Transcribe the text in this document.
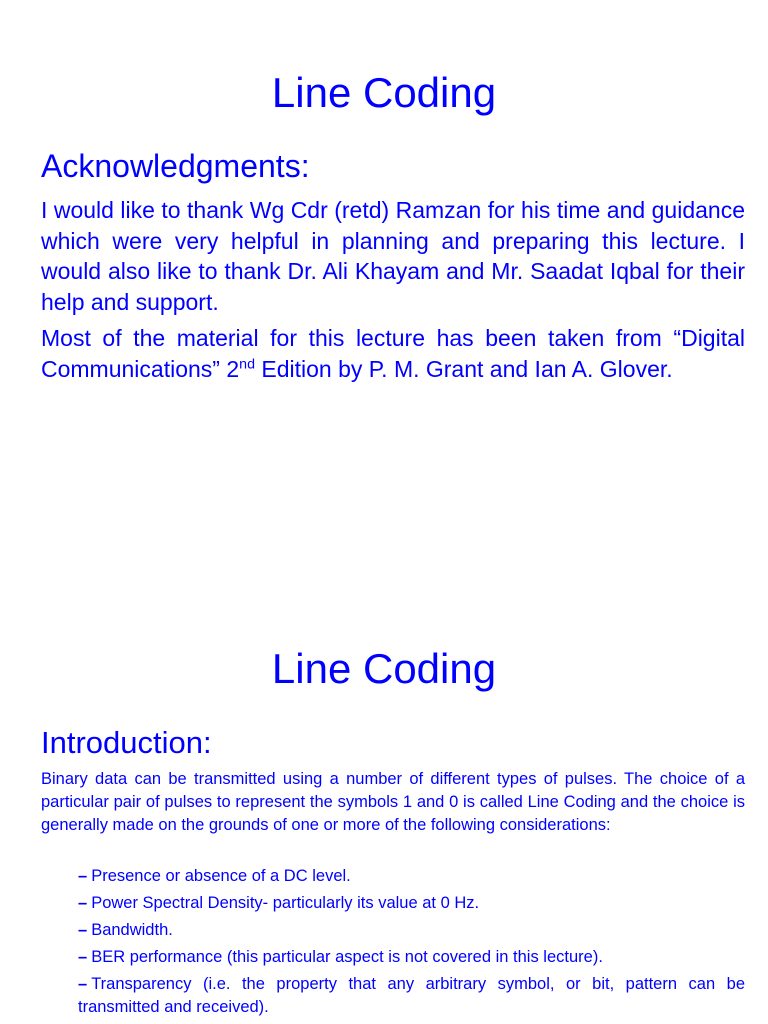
Line Coding
Acknowledgments:

I would like to thank Wg Cdr (retd) Ramzan for his time and guidance which were very helpful in planning and preparing this lecture. I would also like to thank Dr. Ali Khayam and Mr. Saadat Iqbal for their help and support.

Most of the material for this lecture has been taken from “Digital Communications” 2nd Edition by P. M. Grant and Ian A. Glover.

Line Coding
Introduction:

Binary data can be transmitted using a number of different types of pulses. The choice of a particular pair of pulses to represent the symbols 1 and 0 is called Line Coding and the choice is generally made on the grounds of one or more of the following considerations:

– Presence or absence of a DC level.
– Power Spectral Density- particularly its value at 0 Hz.
– Bandwidth.
– BER performance (this particular aspect is not covered in this lecture).
– Transparency (i.e. the property that any arbitrary symbol, or bit, pattern can be transmitted and received).
